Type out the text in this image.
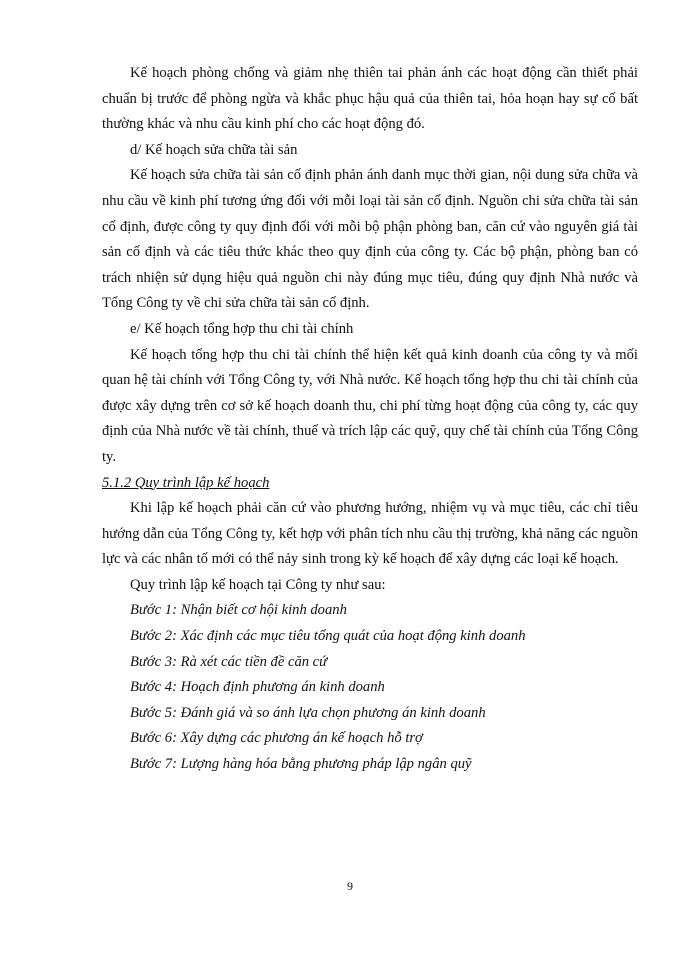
Kế hoạch phòng chống và giảm nhẹ thiên tai phản ánh các hoạt động cần thiết phải chuẩn bị trước để phòng ngừa và khắc phục hậu quả của thiên tai, hỏa hoạn hay sự cố bất thường khác và nhu cầu kinh phí cho các hoạt động đó.

d/ Kế hoạch sửa chữa tài sản

Kế hoạch sửa chữa tài sản cố định phản ánh danh mục thời gian, nội dung sửa chữa và nhu cầu về kinh phí tương ứng đối với mỗi loại tài sản cố định. Nguồn chi sửa chữa tài sản cố định, được công ty quy định đối với mỗi bộ phận phòng ban, căn cứ vào nguyên giá tài sản cố định và các tiêu thức khác theo quy định của công ty. Các bộ phận, phòng ban có trách nhiện sử dụng hiệu quả nguồn chi này đúng mục tiêu, đúng quy định Nhà nước và Tổng Công ty về chi sửa chữa tài sản cố định.

e/ Kế hoạch tổng hợp thu chi tài chính

Kế hoạch tổng hợp thu chi tài chính thể hiện kết quả kinh doanh của công ty và mối quan hệ tài chính với Tổng Công ty, với Nhà nước. Kế hoạch tổng hợp thu chi tài chính của được xây dựng trên cơ sở kế hoạch doanh thu, chi phí từng hoạt động của công ty, các quy định của Nhà nước về tài chính, thuế và trích lập các quỹ, quy chế tài chính của Tổng Công ty.

5.1.2 Quy trình lập kế hoạch

Khi lập kế hoạch phải căn cứ vào phương hướng, nhiệm vụ và mục tiêu, các chỉ tiêu hướng dẫn của Tổng Công ty, kết hợp với phân tích nhu cầu thị trường, khả năng các nguồn lực và các nhân tố mới có thể nảy sinh trong kỳ kế hoạch để xây dựng các loại kế hoạch.

Quy trình lập kế hoạch tại Công ty như sau:

Bước 1: Nhận biết cơ hội kinh doanh

Bước 2: Xác định các mục tiêu tổng quát của hoạt động kinh doanh

Bước 3: Rà xét các tiền đề căn cứ

Bước 4: Hoạch định phương án kinh doanh

Bước 5: Đánh giá và so ánh lựa chọn phương án kinh doanh

Bước 6: Xây dựng các phương án kế hoạch hỗ trợ

Bước 7: Lượng hàng hóa bằng phương pháp lập ngân quỹ

9
